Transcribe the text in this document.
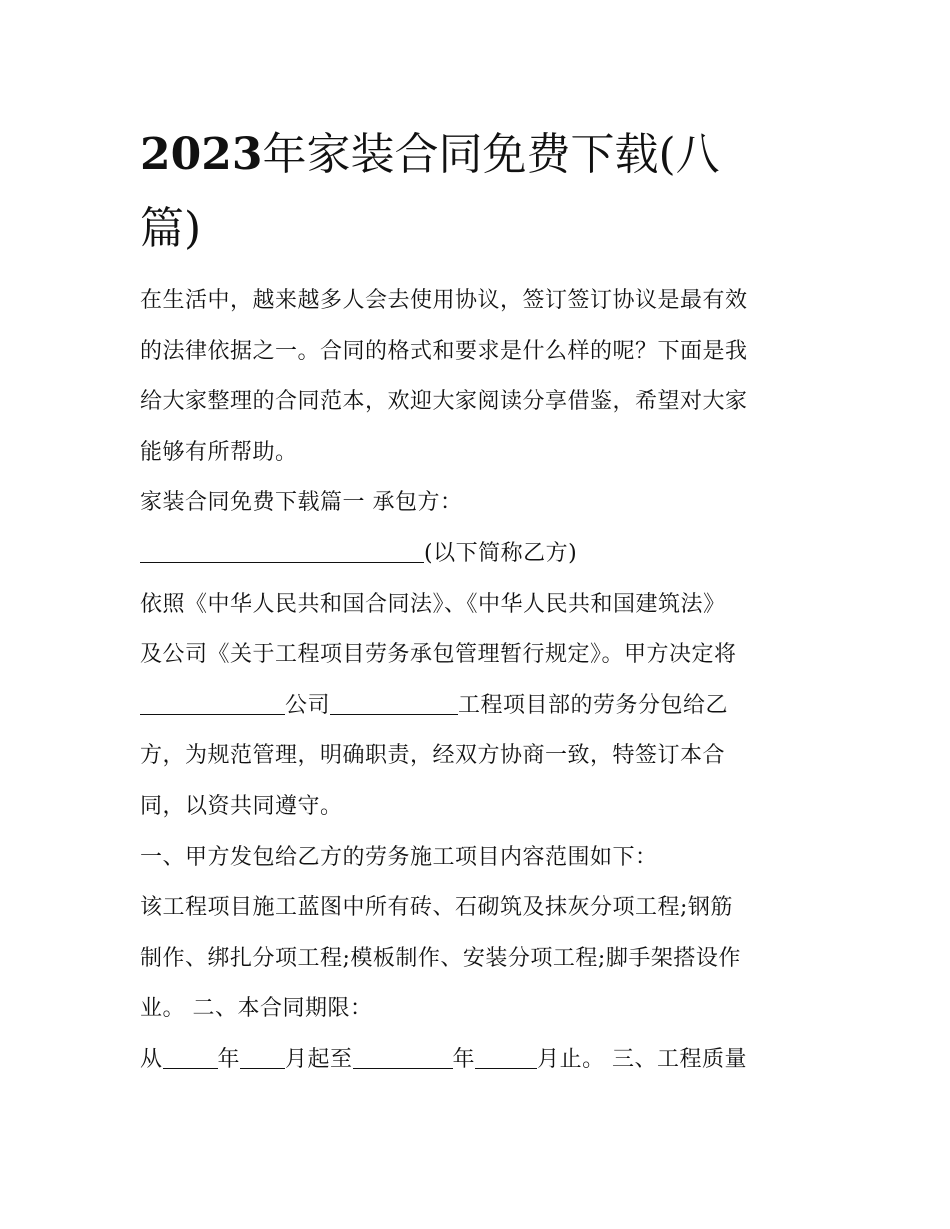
2023年家装合同免费下载(八
篇)
在生活中，越来越多人会去使用协议，签订签订协议是最有效
的法律依据之一。合同的格式和要求是什么样的呢？下面是我
给大家整理的合同范本，欢迎大家阅读分享借鉴，希望对大家
能够有所帮助。
家装合同免费下载篇一 承包方：
(以下简称乙方)
依照《中华人民共和国合同法》、《中华人民共和国建筑法》
及公司《关于工程项目劳务承包管理暂行规定》。甲方决定将
公司	工程项目部的劳务分包给乙
方，为规范管理，明确职责，经双方协商一致，特签订本合
同，以资共同遵守。
一、甲方发包给乙方的劳务施工项目内容范围如下：
该工程项目施工蓝图中所有砖、石砌筑及抹灰分项工程;钢筋
制作、绑扎分项工程;模板制作、安装分项工程;脚手架搭设作
业。 二、本合同期限：
从	年 月起至	年	月止。 三、工程质量
